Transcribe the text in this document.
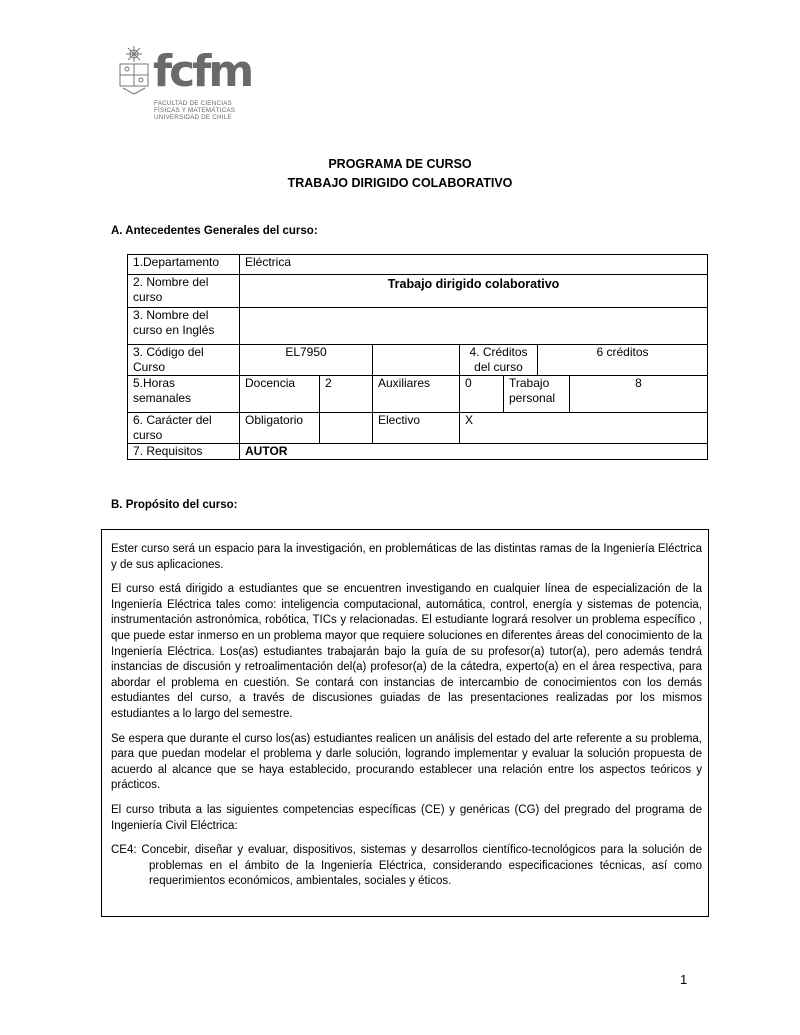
fcfm
FACULTAD DE CIENCIAS
FÍSICAS Y MATEMÁTICAS
UNIVERSIDAD DE CHILE
PROGRAMA DE CURSO
TRABAJO DIRIGIDO COLABORATIVO
A. Antecedentes Generales del curso:
1.Departamento	Eléctrica						
2. Nombre del curso	Trabajo dirigido colaborativo						
3. Nombre del curso en Inglés							
3. Código del Curso	EL7950			4. Créditos del curso		6 créditos	
5.Horas semanales	Docencia	2	Auxiliares	0	Trabajo personal		8
6. Carácter del curso	Obligatorio		Electivo	X			
7. Requisitos	AUTOR						
B. Propósito del curso:

Ester curso será un espacio para la investigación, en problemáticas de las distintas ramas de la Ingeniería Eléctrica y de sus aplicaciones.

El curso está dirigido a estudiantes que se encuentren investigando en cualquier línea de especialización de la Ingeniería Eléctrica tales como: inteligencia computacional, automática, control, energía y sistemas de potencia, instrumentación astronómica, robótica, TICs y relacionadas. El estudiante logrará resolver un problema específico , que puede estar inmerso en un problema mayor que requiere soluciones en diferentes áreas del conocimiento de la Ingeniería Eléctrica. Los(as) estudiantes trabajarán bajo la guía de su profesor(a) tutor(a), pero además tendrá instancias de discusión y retroalimentación del(a) profesor(a) de la cátedra, experto(a) en el área respectiva, para abordar el problema en cuestión. Se contará con instancias de intercambio de conocimientos con los demás estudiantes del curso, a través de discusiones guiadas de las presentaciones realizadas por los mismos estudiantes a lo largo del semestre.

Se espera que durante el curso los(as) estudiantes realicen un análisis del estado del arte referente a su problema, para que puedan modelar el problema y darle solución, logrando implementar y evaluar la solución propuesta de acuerdo al alcance que se haya establecido, procurando establecer una relación entre los aspectos teóricos y prácticos.

El curso tributa a las siguientes competencias específicas (CE) y genéricas (CG) del pregrado del programa de Ingeniería Civil Eléctrica:

CE4: Concebir, diseñar y evaluar, dispositivos, sistemas y desarrollos científico-tecnológicos para la solución de problemas en el ámbito de la Ingeniería Eléctrica, considerando especificaciones técnicas, así como requerimientos económicos, ambientales, sociales y éticos.

1
